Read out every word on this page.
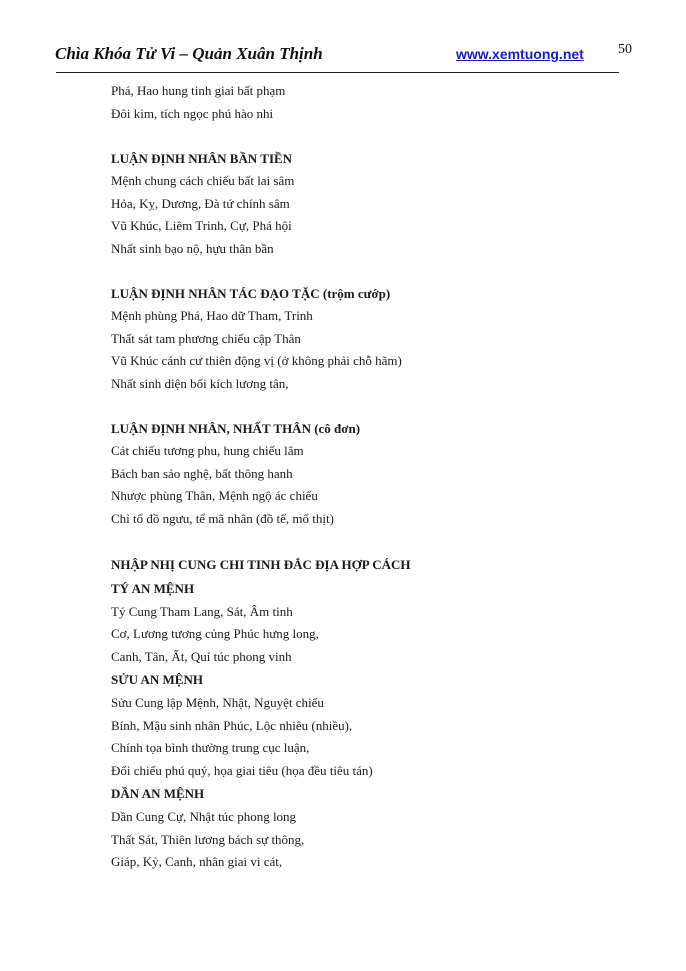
Chìa Khóa Tử Vi – Quản Xuân Thịnh	www.xemtuong.net 50
Phá, Hao hung tinh giai bất phạm
Đôi kim, tích ngọc phú hào nhi
LUẬN ĐỊNH NHÂN BẦN TIỀN
Mệnh chung cách chiếu bất lai sâm
Hỏa, Kỵ, Dương, Đà tứ chính sâm
Vũ Khúc, Liêm Trinh, Cự, Phá hội
Nhất sinh bạo nộ, hựu thân bần
LUẬN ĐỊNH NHÂN TÁC ĐẠO TẶC (trộm cướp)
Mệnh phùng Phá, Hao dữ Tham, Trinh
Thất sát tam phương chiếu cập Thân
Vũ Khúc cánh cư thiên động vị (ở không phải chỗ hãm)
Nhất sinh diện bối kích lương tân,
LUẬN ĐỊNH NHÂN, NHẤT THÂN (cô đơn)
Cát chiếu tương phu, hung chiếu lâm
Bách ban sảo nghệ, bất thông hanh
Nhược phùng Thân, Mệnh ngộ ác chiếu
Chỉ tổ đồ ngưu, tể mã nhân (đồ tể, mổ thịt)
NHẬP NHỊ CUNG CHI TINH ĐẮC ĐỊA HỢP CÁCH
TÝ AN MỆNH
Tý Cung Tham Lang, Sát, Âm tinh
Cơ, Lương tương củng Phúc hưng long,
Canh, Tân, Ất, Quí túc phong vinh
SỬU AN MỆNH
Sửu Cung lập Mệnh, Nhật, Nguyệt chiếu
Bính, Mậu sinh nhân Phúc, Lộc nhiêu (nhiều),
Chính tọa bình thường trung cục luận,
Đối chiếu phú quý, họa giai tiêu (họa đều tiêu tán)
DẦN AN MỆNH
Dần Cung Cự, Nhật túc phong long
Thất Sát, Thiên lương bách sự thông,
Giáp, Kỷ, Canh, nhân giai vi cát,
